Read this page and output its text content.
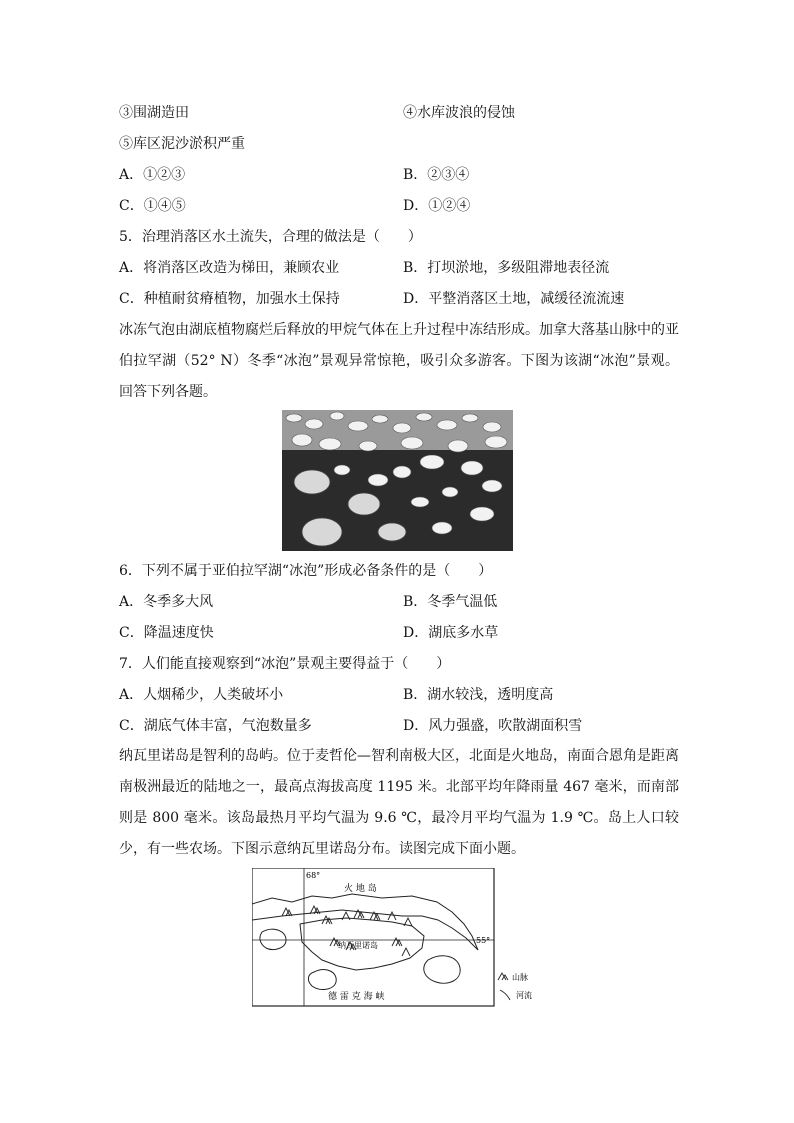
③围湖造田	④水库波浪的侵蚀
⑤库区泥沙淤积严重
A．①②③	B．②③④
C．①④⑤	D．①②④
5．治理消落区水土流失，合理的做法是（　　）
A．将消落区改造为梯田，兼顾农业	B．打坝淤地，多级阻滞地表径流
C．种植耐贫瘠植物，加强水土保持	D．平整消落区土地，减缓径流流速
冰冻气泡由湖底植物腐烂后释放的甲烷气体在上升过程中冻结形成。加拿大落基山脉中的亚伯拉罕湖（52° N）冬季“冰泡”景观异常惊艳，吸引众多游客。下图为该湖“冰泡”景观。回答下列各题。
6．下列不属于亚伯拉罕湖“冰泡”形成必备条件的是（　　）
A．冬季多大风	B．冬季气温低
C．降温速度快	D．湖底多水草
7．人们能直接观察到“冰泡”景观主要得益于（　　）
A．人烟稀少，人类破坏小	B．湖水较浅，透明度高
C．湖底气体丰富，气泡数量多	D．风力强盛，吹散湖面积雪
纳瓦里诺岛是智利的岛屿。位于麦哲伦—智利南极大区，北面是火地岛，南面合恩角是距离南极洲最近的陆地之一，最高点海拔高度 1195 米。北部平均年降雨量 467 毫米，而南部则是 800 毫米。该岛最热月平均气温为 9.6 ℃，最冷月平均气温为 1.9 ℃。岛上人口较少，有一些农场。下图示意纳瓦里诺岛分布。读图完成下面小题。
68°
55°
火 地 岛
纳瓦里诺岛
德 雷 克 海 峡
山脉
河流
